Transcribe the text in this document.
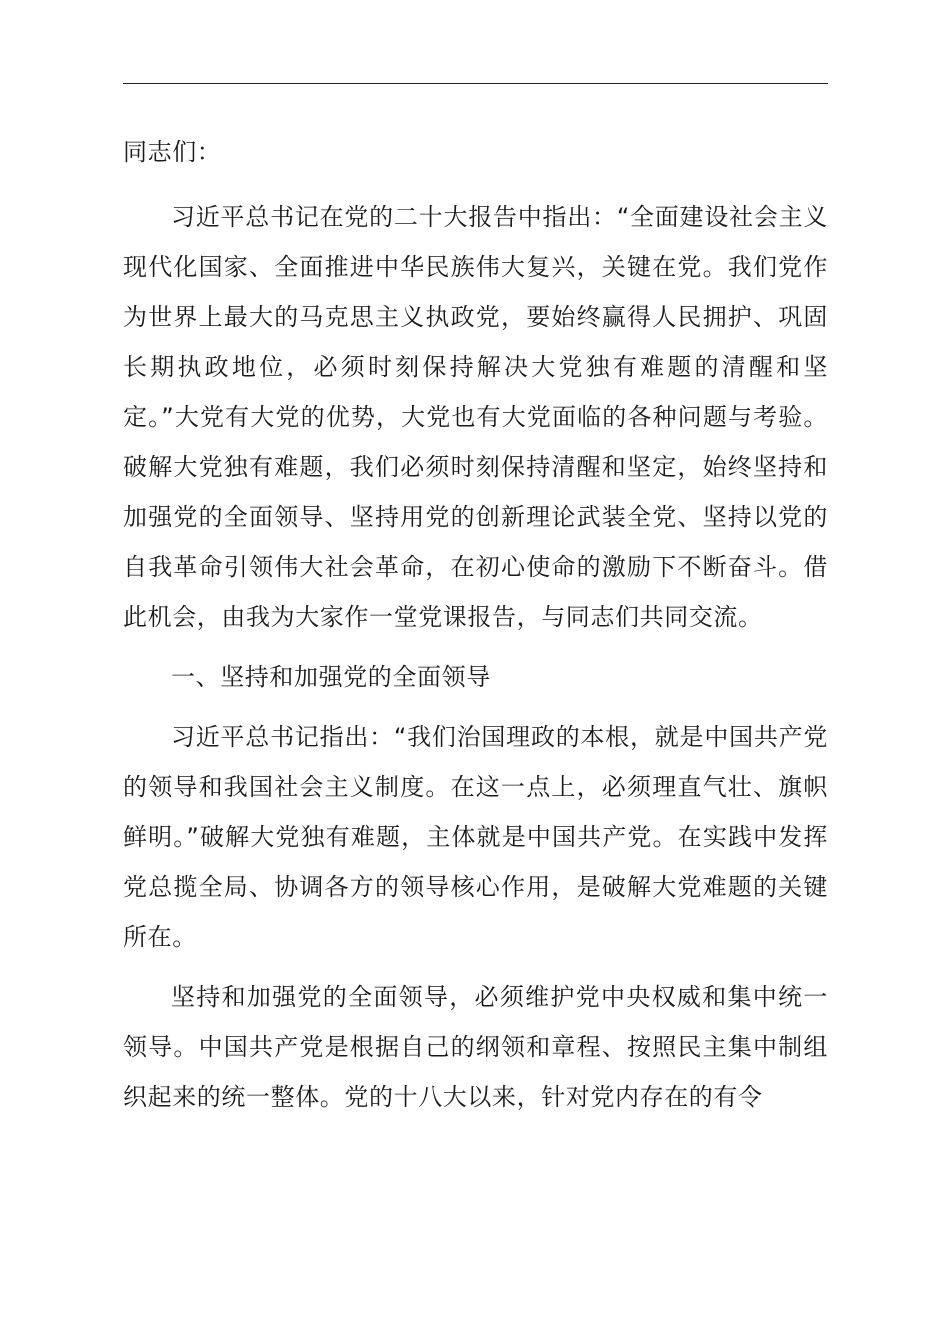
同志们：

习近平总书记在党的二十大报告中指出：“全面建设社会主义现代化国家、全面推进中华民族伟大复兴，关键在党。我们党作为世界上最大的马克思主义执政党，要始终赢得人民拥护、巩固长期执政地位，必须时刻保持解决大党独有难题的清醒和坚定。”大党有大党的优势，大党也有大党面临的各种问题与考验。破解大党独有难题，我们必须时刻保持清醒和坚定，始终坚持和加强党的全面领导、坚持用党的创新理论武装全党、坚持以党的自我革命引领伟大社会革命，在初心使命的激励下不断奋斗。借此机会，由我为大家作一堂党课报告，与同志们共同交流。

一、坚持和加强党的全面领导

习近平总书记指出：“我们治国理政的本根，就是中国共产党的领导和我国社会主义制度。在这一点上，必须理直气壮、旗帜鲜明。”破解大党独有难题，主体就是中国共产党。在实践中发挥党总揽全局、协调各方的领导核心作用，是破解大党难题的关键所在。

坚持和加强党的全面领导，必须维护党中央权威和集中统一领导。中国共产党是根据自己的纲领和章程、按照民主集中制组织起来的统一整体。党的十八大以来，针对党内存在的有令
